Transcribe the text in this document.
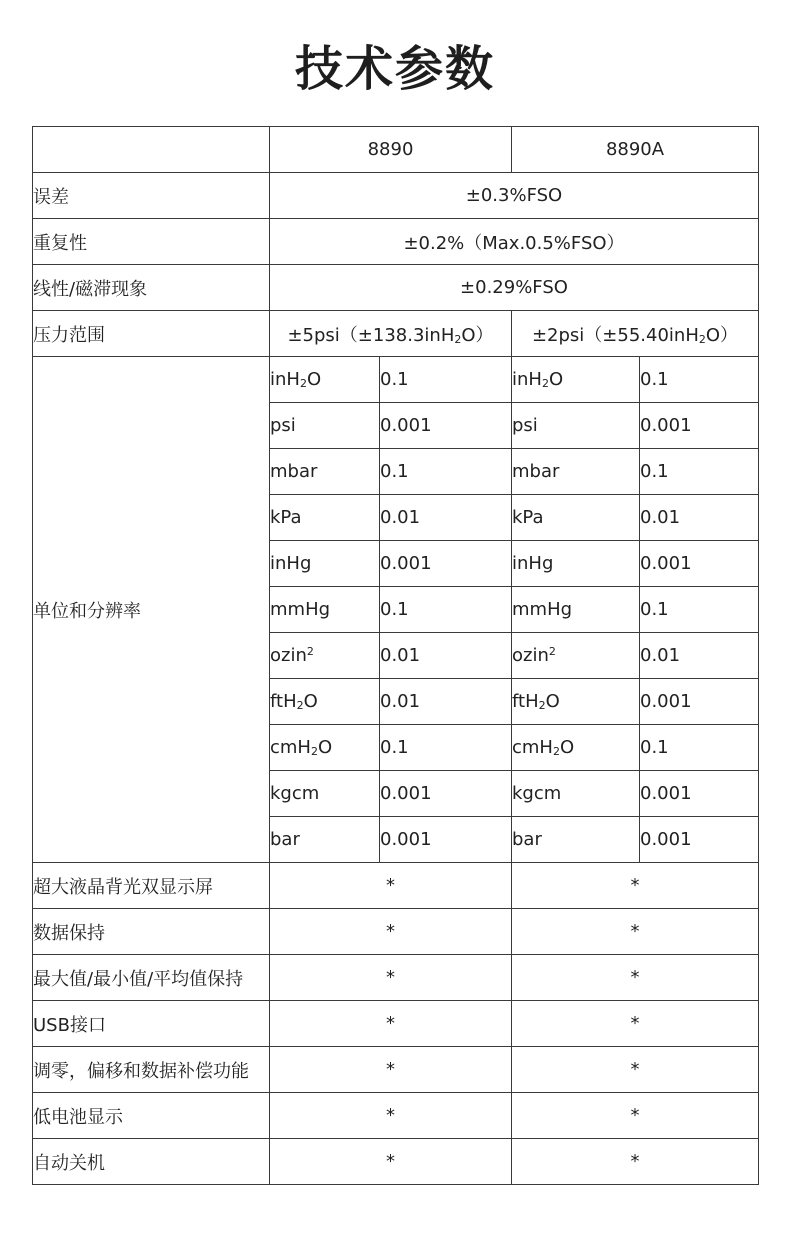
技术参数
	8890		8890A	
误差	±0.3%FSO			
重复性	±0.2%（Max.0.5%FSO）			
线性/磁滞现象	±0.29%FSO			
压力范围	±5psi（±138.3inH$_2$O）		±2psi（±55.40inH$_2$O）	
单位和分辨率	inH$_2$O	0.1	inH$_2$O	0.1
	psi	0.001	psi	0.001
	mbar	0.1	mbar	0.1
	kPa	0.01	kPa	0.01
	inHg	0.001	inHg	0.001
	mmHg	0.1	mmHg	0.1
	ozin$^2$	0.01	ozin$^2$	0.01
	ftH$_2$O	0.01	ftH$_2$O	0.001
	cmH$_2$O	0.1	cmH$_2$O	0.1
	kgcm	0.001	kgcm	0.001
	bar	0.001	bar	0.001
超大液晶背光双显示屏	*		*	
数据保持	*		*	
最大值/最小值/平均值保持	*		*	
USB接口	*		*	
调零，偏移和数据补偿功能	*		*	
低电池显示	*		*	
自动关机	*		*	
